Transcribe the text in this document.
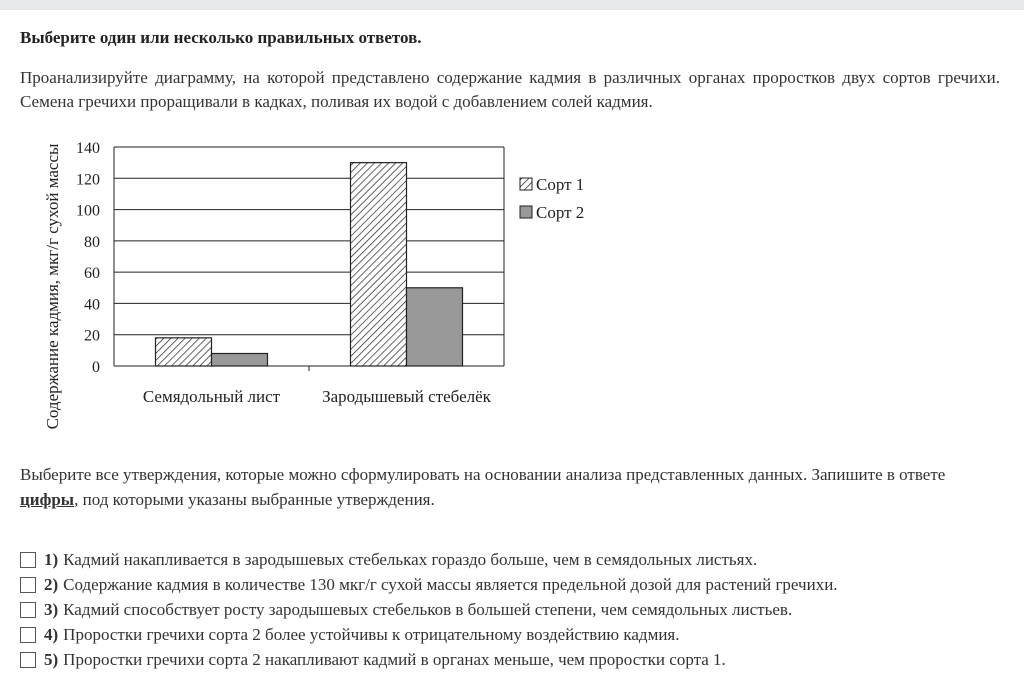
Выберите один или несколько правильных ответов.
Проанализируйте диаграмму, на которой представлено содержание кадмия в различных органах проростков двух сортов гречихи. Семена гречихи проращивали в кадках, поливая их водой с добавлением солей кадмия.
0
20
40
60
80
100
120
140
Семядольный лист Зародышевый стебелёк
Содержание кадмия, мкг/г сухой массы	Сорт 1
Сорт 2
Выберите все утверждения, которые можно сформулировать на основании анализа представленных данных. Запишите в ответе цифры, под которыми указаны выбранные утверждения.
1) Кадмий накапливается в зародышевых стебельках гораздо больше, чем в семядольных листьях.
2) Содержание кадмия в количестве 130 мкг/г сухой массы является предельной дозой для растений гречихи.
3) Кадмий способствует росту зародышевых стебельков в большей степени, чем семядольных листьев.
4) Проростки гречихи сорта 2 более устойчивы к отрицательному воздействию кадмия.
5) Проростки гречихи сорта 2 накапливают кадмий в органах меньше, чем проростки сорта 1.
